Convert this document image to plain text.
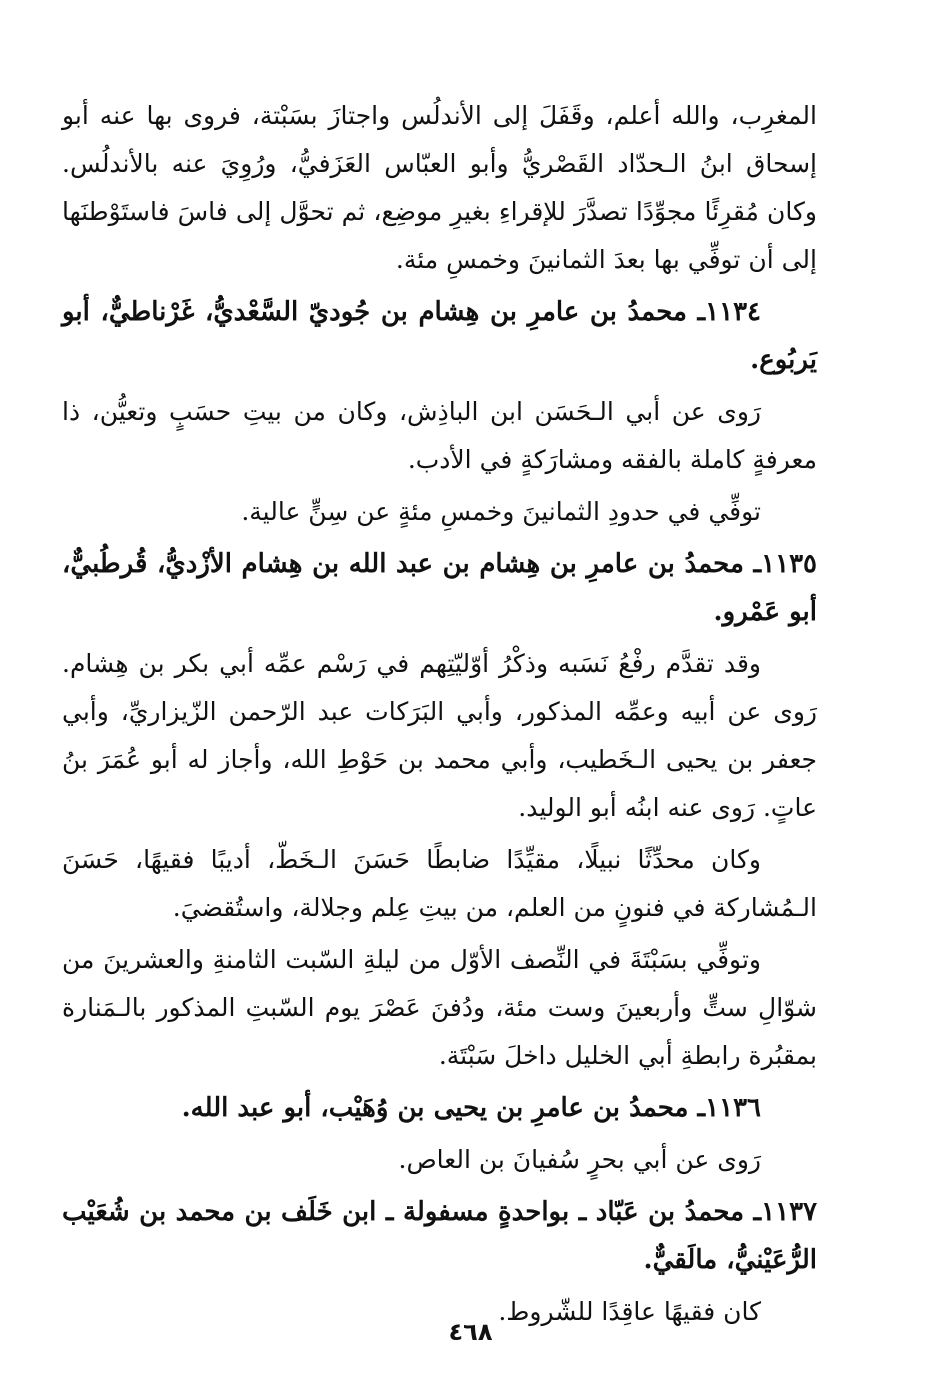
المغرِب، والله أعلم، وقَفَلَ إلى الأندلُس واجتازَ بسَبْتة، فروى بها عنه أبو إسحاق ابنُ الـحدّاد القَصْريُّ وأبو العبّاس العَزَفيُّ، ورُوِيَ عنه بالأندلُس. وكان مُقرِئًا مجوِّدًا تصدَّرَ للإقراءِ بغيرِ موضِع، ثم تحوَّل إلى فاسَ فاستَوْطنَها إلى أن توفِّي بها بعدَ الثمانينَ وخمسِ مئة.

١١٣٤ـ محمدُ بن عامرِ بن هِشام بن جُوديّ السَّعْديُّ، غَرْناطيٌّ، أبو يَربُوع.

رَوى عن أبي الـحَسَن ابن الباذِش، وكان من بيتِ حسَبٍ وتعيُّن، ذا معرفةٍ كاملة بالفقه ومشارَكةٍ في الأدب.

توفِّي في حدودِ الثمانينَ وخمسِ مئةٍ عن سِنٍّ عالية.

١١٣٥ـ محمدُ بن عامرِ بن هِشام بن عبد الله بن هِشام الأزْديُّ، قُرطُبيٌّ، أبو عَمْرو.

وقد تقدَّم رفْعُ نَسَبه وذكْرُ أوّليّتِهم في رَسْم عمِّه أبي بكر بن هِشام. رَوى عن أبيه وعمِّه المذكور، وأبي البَرَكات عبد الرّحمن الزّيزاريِّ، وأبي جعفر بن يحيى الـخَطيب، وأبي محمد بن حَوْطِ الله، وأجاز له أبو عُمَرَ بنُ عاتٍ. رَوى عنه ابنُه أبو الوليد.

وكان محدِّثًا نبيلًا، مقيِّدًا ضابطًا حَسَنَ الـخَطّ، أديبًا فقيهًا، حَسَنَ الـمُشاركة في فنونٍ من العلم، من بيتِ عِلم وجلالة، واستُقضيَ.

وتوفِّي بسَبْتَةَ في النِّصف الأوّل من ليلةِ السّبت الثامنةِ والعشرينَ من شوّالِ ستٍّ وأربعينَ وست مئة، ودُفنَ عَصْرَ يوم السّبتِ المذكور بالـمَنارة بمقبُرة رابطةِ أبي الخليل داخلَ سَبْتَة.

١١٣٦ـ محمدُ بن عامرِ بن يحيى بن وُهَيْب، أبو عبد الله.

رَوى عن أبي بحرٍ سُفيانَ بن العاص.

١١٣٧ـ محمدُ بن عَبّاد ـ بواحدةٍ مسفولة ـ ابن خَلَف بن محمد بن شُعَيْب الرُّعَيْنيُّ، مالَقيٌّ.

كان فقيهًا عاقِدًا للشّروط.

٤٦٨
